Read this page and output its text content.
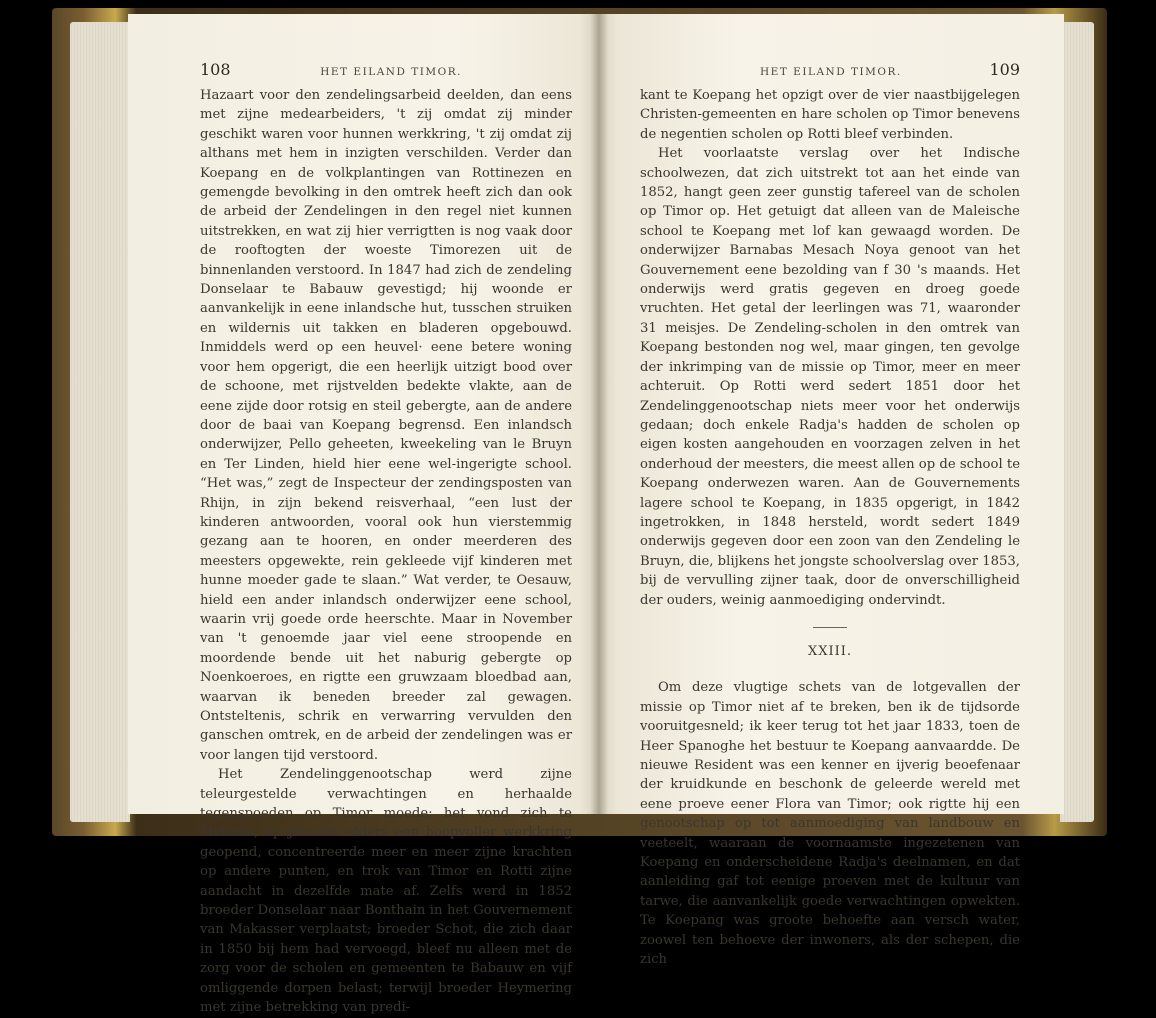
108	HET EILAND TIMOR.

Hazaart voor den zendelingsarbeid deelden, dan eens met zijne medearbeiders, 't zij omdat zij minder geschikt waren voor hunnen werkkring, 't zij omdat zij althans met hem in inzigten verschilden. Verder dan Koepang en de volkplantingen van Rottinezen en gemengde bevolking in den omtrek heeft zich dan ook de arbeid der Zendelingen in den regel niet kunnen uitstrekken, en wat zij hier verrigtten is nog vaak door de rooftogten der woeste Timorezen uit de binnenlanden verstoord. In 1847 had zich de zendeling Donselaar te Babauw gevestigd; hij woonde er aanvankelijk in eene inlandsche hut, tusschen struiken en wildernis uit takken en bladeren opgebouwd. Inmiddels werd op een heuvel· eene betere woning voor hem opgerigt, die een heerlijk uitzigt bood over de schoone, met rijstvelden bedekte vlakte, aan de eene zijde door rotsig en steil gebergte, aan de andere door de baai van Koepang begrensd. Een inlandsch onderwijzer, Pello geheeten, kweekeling van le Bruyn en Ter Linden, hield hier eene wel-ingerigte school. “Het was,” zegt de Inspecteur der zendingsposten van Rhijn, in zijn bekend reisverhaal, “een lust der kinderen antwoorden, vooral ook hun vierstemmig gezang aan te hooren, en onder meerderen des meesters opgewekte, rein gekleede vijf kinderen met hunne moeder gade te slaan.” Wat verder, te Oesauw, hield een ander inlandsch onderwijzer eene school, waarin vrij goede orde heerschte. Maar in November van 't genoemde jaar viel eene stroopende en moordende bende uit het naburig gebergte op Noenkoeroes, en rigtte een gruwzaam bloedbad aan, waarvan ik beneden breeder zal gewagen. Ontsteltenis, schrik en verwarring vervulden den ganschen omtrek, en de arbeid der zendelingen was er voor langen tijd verstoord.

Het Zendelinggenootschap werd zijne teleurgestelde verwachtingen en herhaalde tegenspoeden op Timor moede; het vond zich te Menado, op Java en elders een hoopvoller werkkring geopend, concentreerde meer en meer zijne krachten op andere punten, en trok van Timor en Rotti zijne aandacht in dezelfde mate af. Zelfs werd in 1852 broeder Donselaar naar Bonthain in het Gouvernement van Makasser verplaatst; broeder Schot, die zich daar in 1850 bij hem had vervoegd, bleef nu alleen met de zorg voor de scholen en gemeenten te Babauw en vijf omliggende dorpen belast; terwijl broeder Heymering met zijne betrekking van predi-

HET EILAND TIMOR.	109

kant te Koepang het opzigt over de vier naastbijgelegen Christen-gemeenten en hare scholen op Timor benevens de negentien scholen op Rotti bleef verbinden.

Het voorlaatste verslag over het Indische schoolwezen, dat zich uitstrekt tot aan het einde van 1852, hangt geen zeer gunstig tafereel van de scholen op Timor op. Het getuigt dat alleen van de Maleische school te Koepang met lof kan gewaagd worden. De onderwijzer Barnabas Mesach Noya genoot van het Gouvernement eene bezolding van f 30 's maands. Het onderwijs werd gratis gegeven en droeg goede vruchten. Het getal der leerlingen was 71, waaronder 31 meisjes. De Zendeling-scholen in den omtrek van Koepang bestonden nog wel, maar gingen, ten gevolge der inkrimping van de missie op Timor, meer en meer achteruit. Op Rotti werd sedert 1851 door het Zendelinggenootschap niets meer voor het onderwijs gedaan; doch enkele Radja's hadden de scholen op eigen kosten aangehouden en voorzagen zelven in het onderhoud der meesters, die meest allen op de school te Koepang onderwezen waren. Aan de Gouvernements lagere school te Koepang, in 1835 opgerigt, in 1842 ingetrokken, in 1848 hersteld, wordt sedert 1849 onderwijs gegeven door een zoon van den Zendeling le Bruyn, die, blijkens het jongste schoolverslag over 1853, bij de vervulling zijner taak, door de onverschilligheid der ouders, weinig aanmoediging ondervindt.

XXIII.

Om deze vlugtige schets van de lotgevallen der missie op Timor niet af te breken, ben ik de tijdsorde vooruitgesneld; ik keer terug tot het jaar 1833, toen de Heer Spanoghe het bestuur te Koepang aanvaardde. De nieuwe Resident was een kenner en ijverig beoefenaar der kruidkunde en beschonk de geleerde wereld met eene proeve eener Flora van Timor; ook rigtte hij een genootschap op tot aanmoediging van landbouw en veeteelt, waaraan de voornaamste ingezetenen van Koepang en onderscheidene Radja's deelnamen, en dat aanleiding gaf tot eenige proeven met de kultuur van tarwe, die aanvankelijk goede verwachtingen opwekten. Te Koepang was groote behoefte aan versch water, zoowel ten behoeve der inwoners, als der schepen, die zich
